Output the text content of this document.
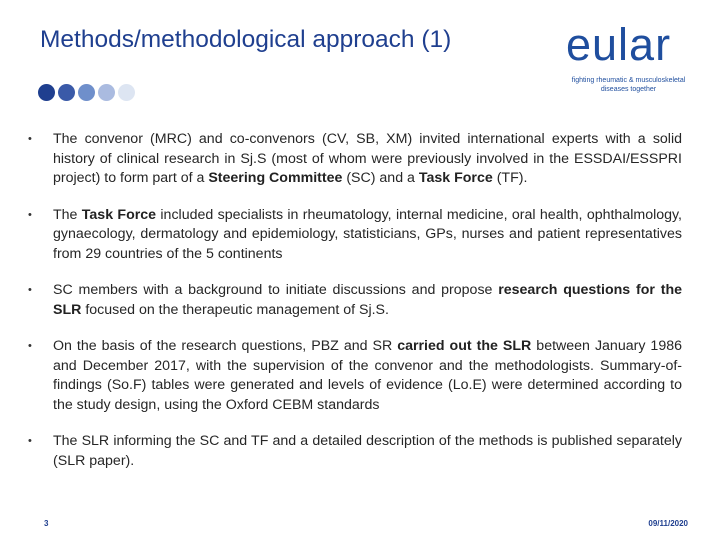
Methods/methodological approach (1)	eular
fighting rheumatic & musculoskeletal
diseases together
•	The convenor (MRC) and co-convenors (CV, SB, XM) invited international experts with a solid history of clinical research in Sj.S (most of whom were previously involved in the ESSDAI/ESSPRI project) to form part of a Steering Committee (SC) and a Task Force (TF).
•	The Task Force included specialists in rheumatology, internal medicine, oral health, ophthalmology, gynaecology, dermatology and epidemiology, statisticians, GPs, nurses and patient representatives from 29 countries of the 5 continents
•	SC members with a background to initiate discussions and propose research questions for the SLR focused on the therapeutic management of Sj.S.
•	On the basis of the research questions, PBZ and SR carried out the SLR between January 1986 and December 2017, with the supervision of the convenor and the methodologists. Summary-of-findings (So.F) tables were generated and levels of evidence (Lo.E) were determined according to the study design, using the Oxford CEBM standards
•	The SLR informing the SC and TF and a detailed description of the methods is published separately (SLR paper).
3	09/11/2020
